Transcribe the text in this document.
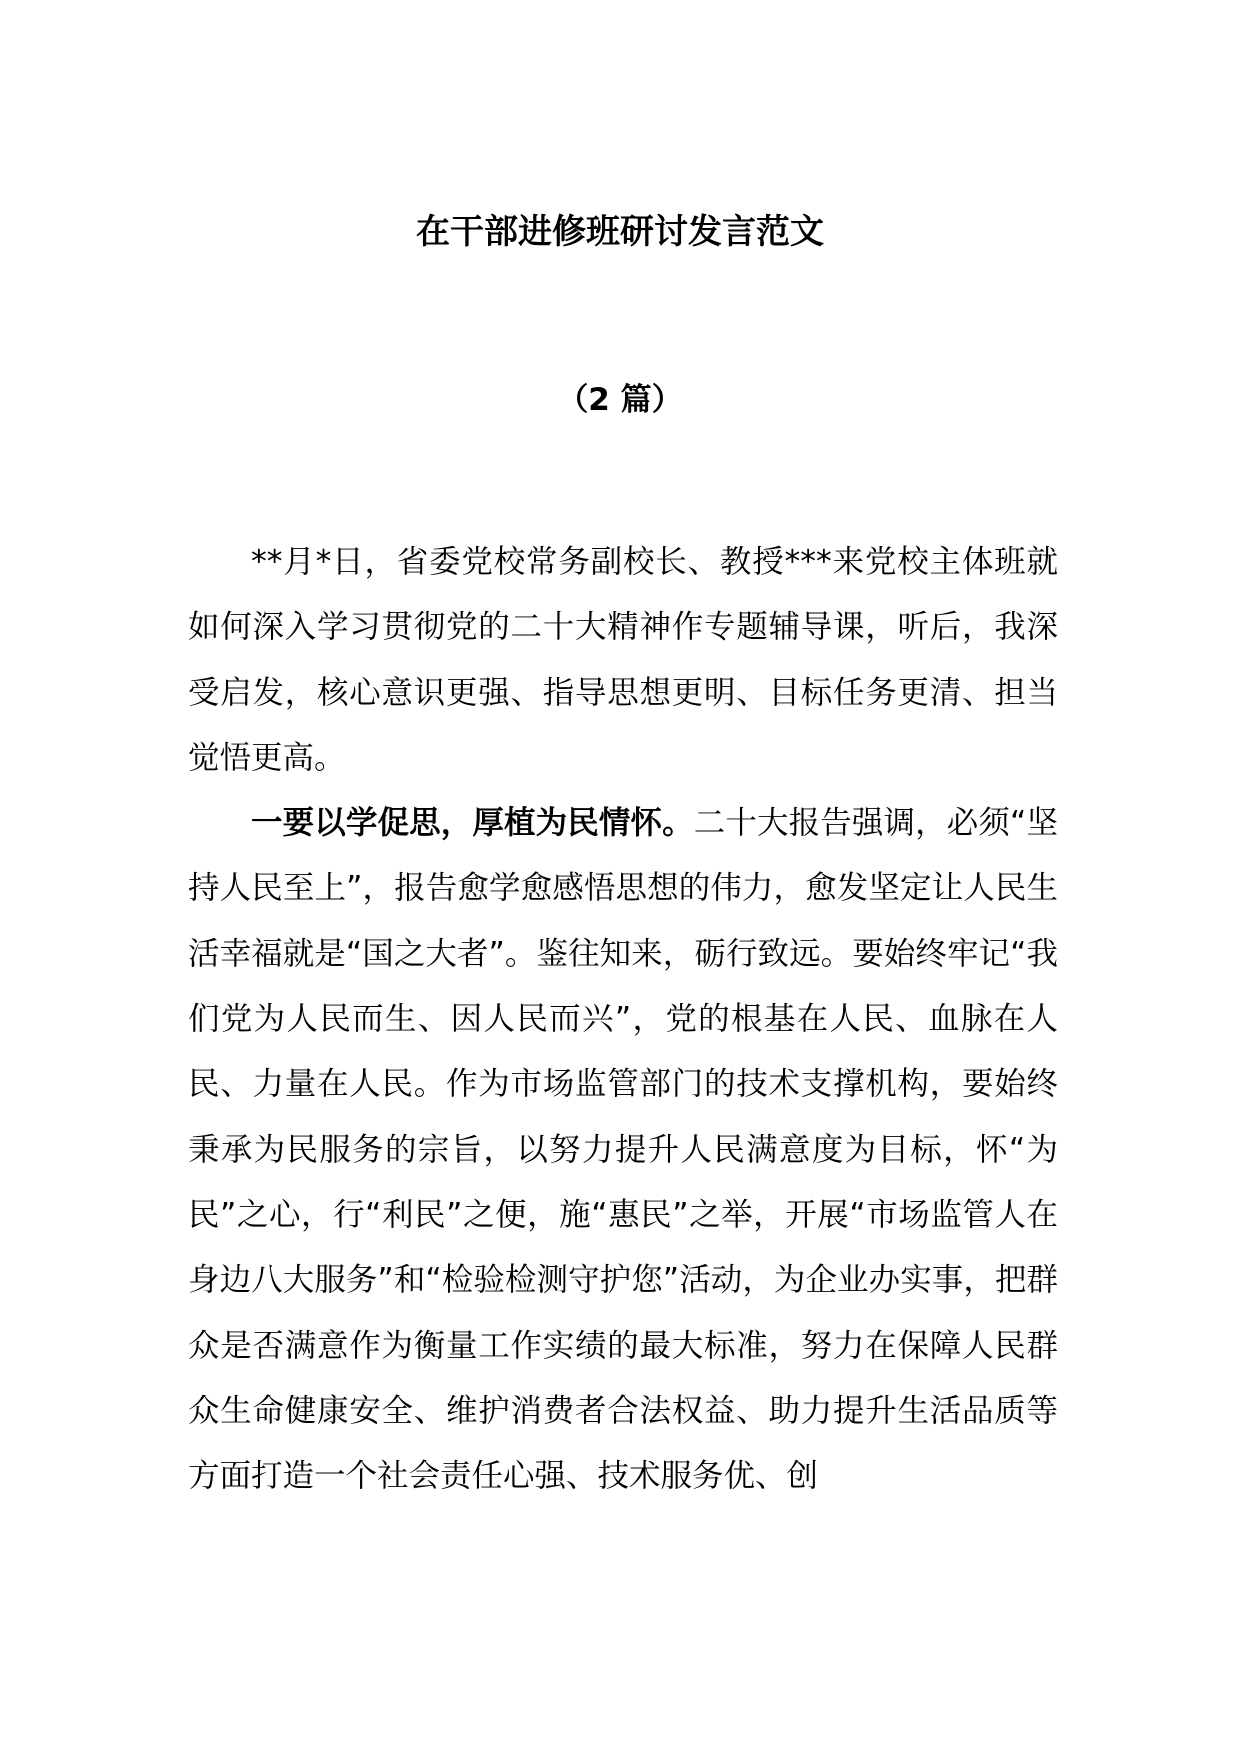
在干部进修班研讨发言范文
（2 篇）

**月*日，省委党校常务副校长、教授***来党校主体班就如何深入学习贯彻党的二十大精神作专题辅导课，听后，我深受启发，核心意识更强、指导思想更明、目标任务更清、担当觉悟更高。

一要以学促思，厚植为民情怀。二十大报告强调，必须“坚持人民至上”，报告愈学愈感悟思想的伟力，愈发坚定让人民生活幸福就是“国之大者”。鉴往知来，砺行致远。要始终牢记“我们党为人民而生、因人民而兴”，党的根基在人民、血脉在人民、力量在人民。作为市场监管部门的技术支撑机构，要始终秉承为民服务的宗旨，以努力提升人民满意度为目标，怀“为民”之心，行“利民”之便，施“惠民”之举，开展“市场监管人在身边八大服务”和“检验检测守护您”活动，为企业办实事，把群众是否满意作为衡量工作实绩的最大标准，努力在保障人民群众生命健康安全、维护消费者合法权益、助力提升生活品质等方面打造一个社会责任心强、技术服务优、创
